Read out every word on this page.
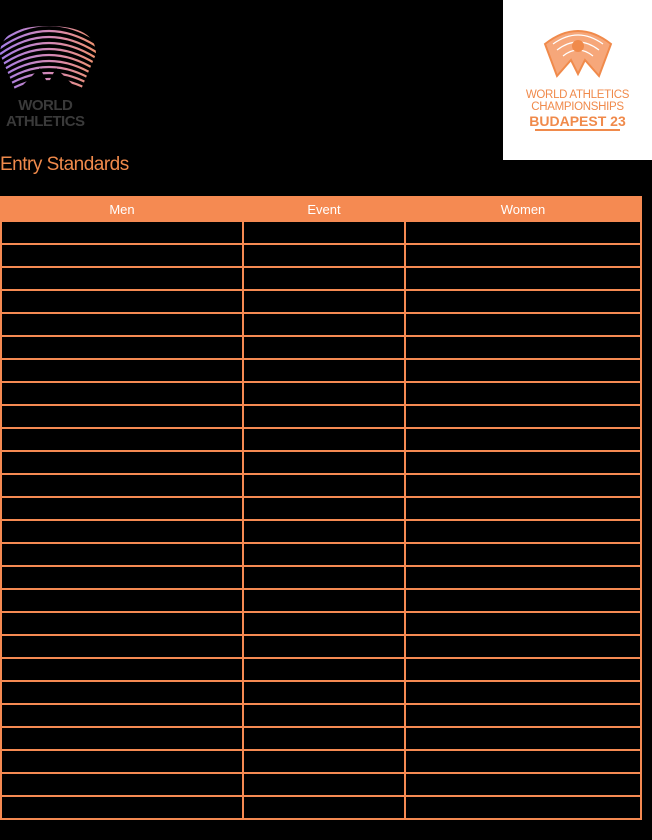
WORLD
ATHLETICS
WORLD ATHLETICS
CHAMPIONSHIPS
BUDAPEST 23
Entry Standards
Men	Event	Women
